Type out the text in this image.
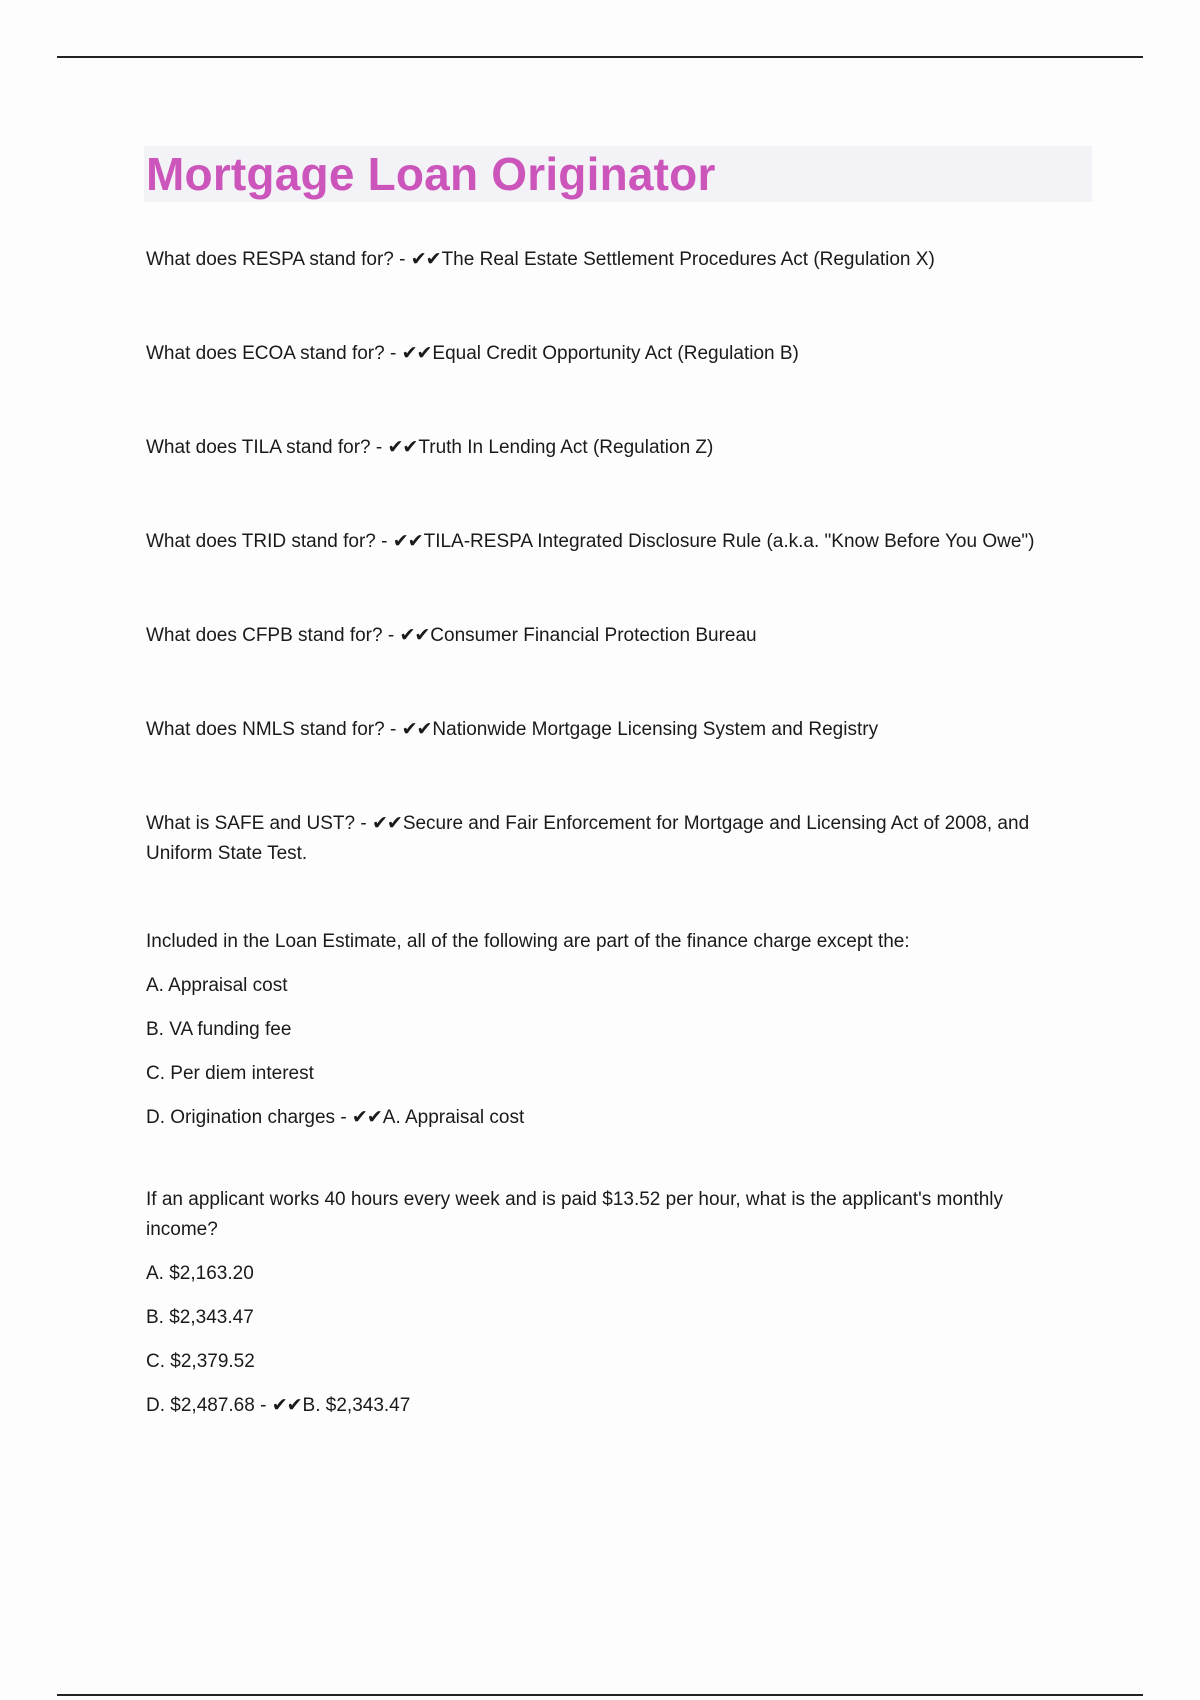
Mortgage Loan Originator

What does RESPA stand for? - ✔✔The Real Estate Settlement Procedures Act (Regulation X)

What does ECOA stand for? - ✔✔Equal Credit Opportunity Act (Regulation B)

What does TILA stand for? - ✔✔Truth In Lending Act (Regulation Z)

What does TRID stand for? - ✔✔TILA-RESPA Integrated Disclosure Rule (a.k.a. "Know Before You Owe")

What does CFPB stand for? - ✔✔Consumer Financial Protection Bureau

What does NMLS stand for? - ✔✔Nationwide Mortgage Licensing System and Registry

What is SAFE and UST? - ✔✔Secure and Fair Enforcement for Mortgage and Licensing Act of 2008, and Uniform State Test.

Included in the Loan Estimate, all of the following are part of the finance charge except the:

A. Appraisal cost

B. VA funding fee

C. Per diem interest

D. Origination charges - ✔✔A. Appraisal cost

If an applicant works 40 hours every week and is paid $13.52 per hour, what is the applicant's monthly income?

A. $2,163.20

B. $2,343.47

C. $2,379.52

D. $2,487.68 - ✔✔B. $2,343.47
